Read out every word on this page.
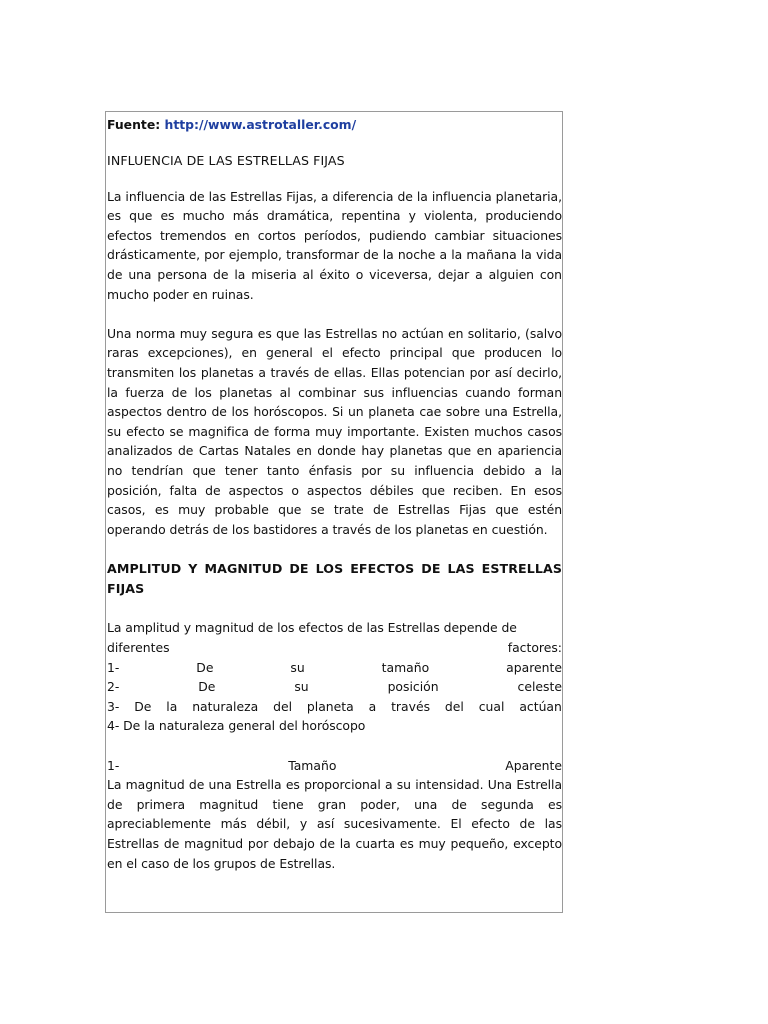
Fuente: http://www.astrotaller.com/
INFLUENCIA DE LAS ESTRELLAS FIJAS

La influencia de las Estrellas Fijas, a diferencia de la influencia planetaria, es que es mucho más dramática, repentina y violenta, produciendo efectos tremendos en cortos períodos, pudiendo cambiar situaciones drásticamente, por ejemplo, transformar de la noche a la mañana la vida de una persona de la miseria al éxito o viceversa, dejar a alguien con mucho poder en ruinas.

Una norma muy segura es que las Estrellas no actúan en solitario, (salvo raras excepciones), en general el efecto principal que producen lo transmiten los planetas a través de ellas. Ellas potencian por así decirlo, la fuerza de los planetas al combinar sus influencias cuando forman aspectos dentro de los horóscopos. Si un planeta cae sobre una Estrella, su efecto se magnifica de forma muy importante. Existen muchos casos analizados de Cartas Natales en donde hay planetas que en apariencia no tendrían que tener tanto énfasis por su influencia debido a la posición, falta de aspectos o aspectos débiles que reciben. En esos casos, es muy probable que se trate de Estrellas Fijas que estén operando detrás de los bastidores a través de los planetas en cuestión.

AMPLITUD Y MAGNITUD DE LOS EFECTOS DE LAS ESTRELLAS FIJAS

La amplitud y magnitud de los efectos de las Estrellas depende de

diferentes	factores:
1-	De	su	tamaño	aparente
2-	De	su	posición	celeste
3- De la naturaleza del planeta a través del cual actúan

4- De la naturaleza general del horóscopo

1-	Tamaño	Aparente

La magnitud de una Estrella es proporcional a su intensidad. Una Estrella de primera magnitud tiene gran poder, una de segunda es apreciablemente más débil, y así sucesivamente. El efecto de las Estrellas de magnitud por debajo de la cuarta es muy pequeño, excepto en el caso de los grupos de Estrellas.
